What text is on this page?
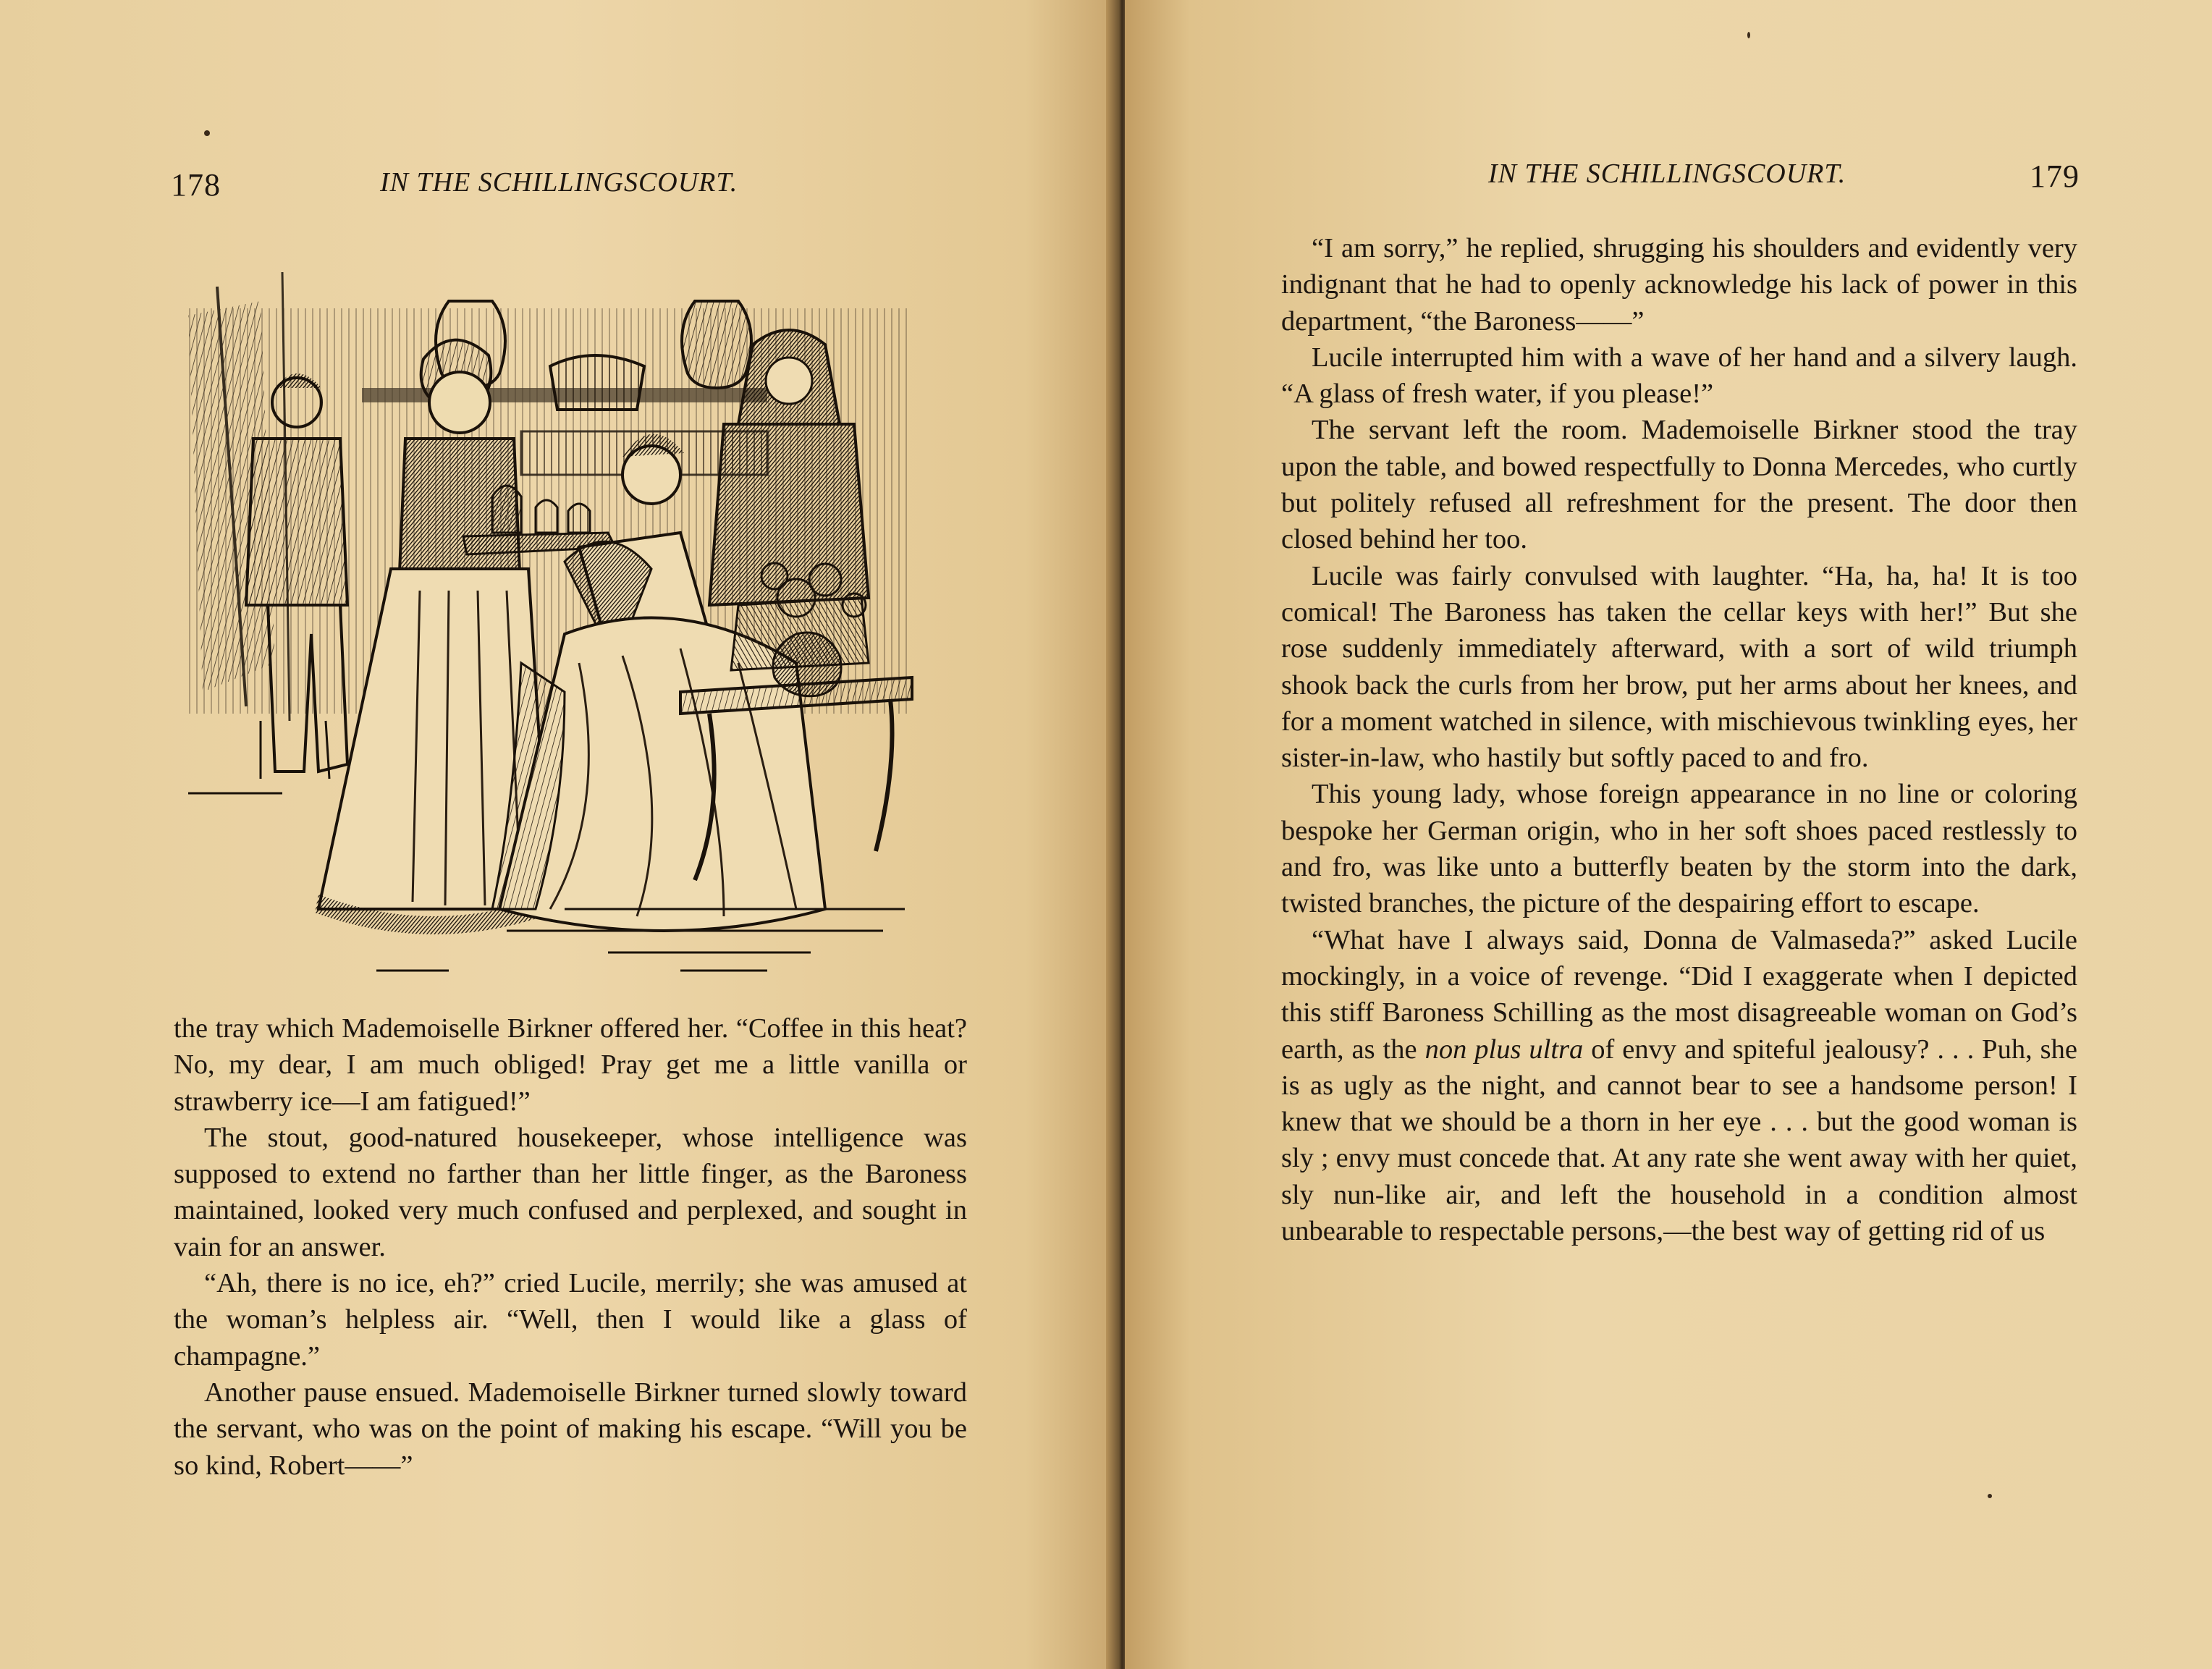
178	IN THE SCHILLINGSCOURT.

the tray which Mademoiselle Birkner offered her. “Coffee in this heat? No, my dear, I am much obliged! Pray get me a little vanilla or strawberry ice—I am fatigued!”

The stout, good-natured housekeeper, whose intelligence was supposed to extend no farther than her little finger, as the Baroness maintained, looked very much confused and perplexed, and sought in vain for an answer.

“Ah, there is no ice, eh?” cried Lucile, merrily; she was amused at the woman’s helpless air. “Well, then I would like a glass of champagne.”

Another pause ensued. Mademoiselle Birkner turned slowly toward the servant, who was on the point of making his escape. “Will you be so kind, Robert——”

IN THE SCHILLINGSCOURT.	179

“I am sorry,” he replied, shrugging his shoulders and evidently very indignant that he had to openly acknowledge his lack of power in this department, “the Baroness——”

Lucile interrupted him with a wave of her hand and a silvery laugh. “A glass of fresh water, if you please!”

The servant left the room. Mademoiselle Birkner stood the tray upon the table, and bowed respectfully to Donna Mercedes, who curtly but politely refused all refreshment for the present. The door then closed behind her too.

Lucile was fairly convulsed with laughter. “Ha, ha, ha! It is too comical! The Baroness has taken the cellar keys with her!” But she rose suddenly immediately afterward, with a sort of wild triumph shook back the curls from her brow, put her arms about her knees, and for a moment watched in silence, with mischievous twinkling eyes, her sister-in-law, who hastily but softly paced to and fro.

This young lady, whose foreign appearance in no line or coloring bespoke her German origin, who in her soft shoes paced restlessly to and fro, was like unto a butterfly beaten by the storm into the dark, twisted branches, the picture of the despairing effort to escape.

“What have I always said, Donna de Valmaseda?” asked Lucile mockingly, in a voice of revenge. “Did I exaggerate when I depicted this stiff Baroness Schilling as the most disagreeable woman on God’s earth, as the non plus ultra of envy and spiteful jealousy? . . . Puh, she is as ugly as the night, and cannot bear to see a handsome person! I knew that we should be a thorn in her eye . . . but the good woman is sly ; envy must concede that. At any rate she went away with her quiet, sly nun-like air, and left the household in a condition almost unbearable to respectable persons,—the best way of getting rid of us
